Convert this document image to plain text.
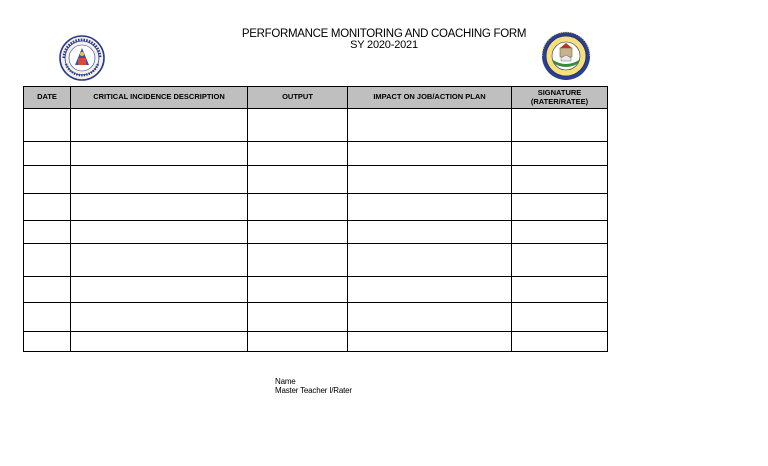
PERFORMANCE MONITORING AND COACHING FORM
SY 2020-2021
DATE	CRITICAL INCIDENCE DESCRIPTION	OUTPUT	IMPACT ON JOB/ACTION PLAN	SIGNATURE
(RATER/RATEE)

Name
Master Teacher I/Rater
